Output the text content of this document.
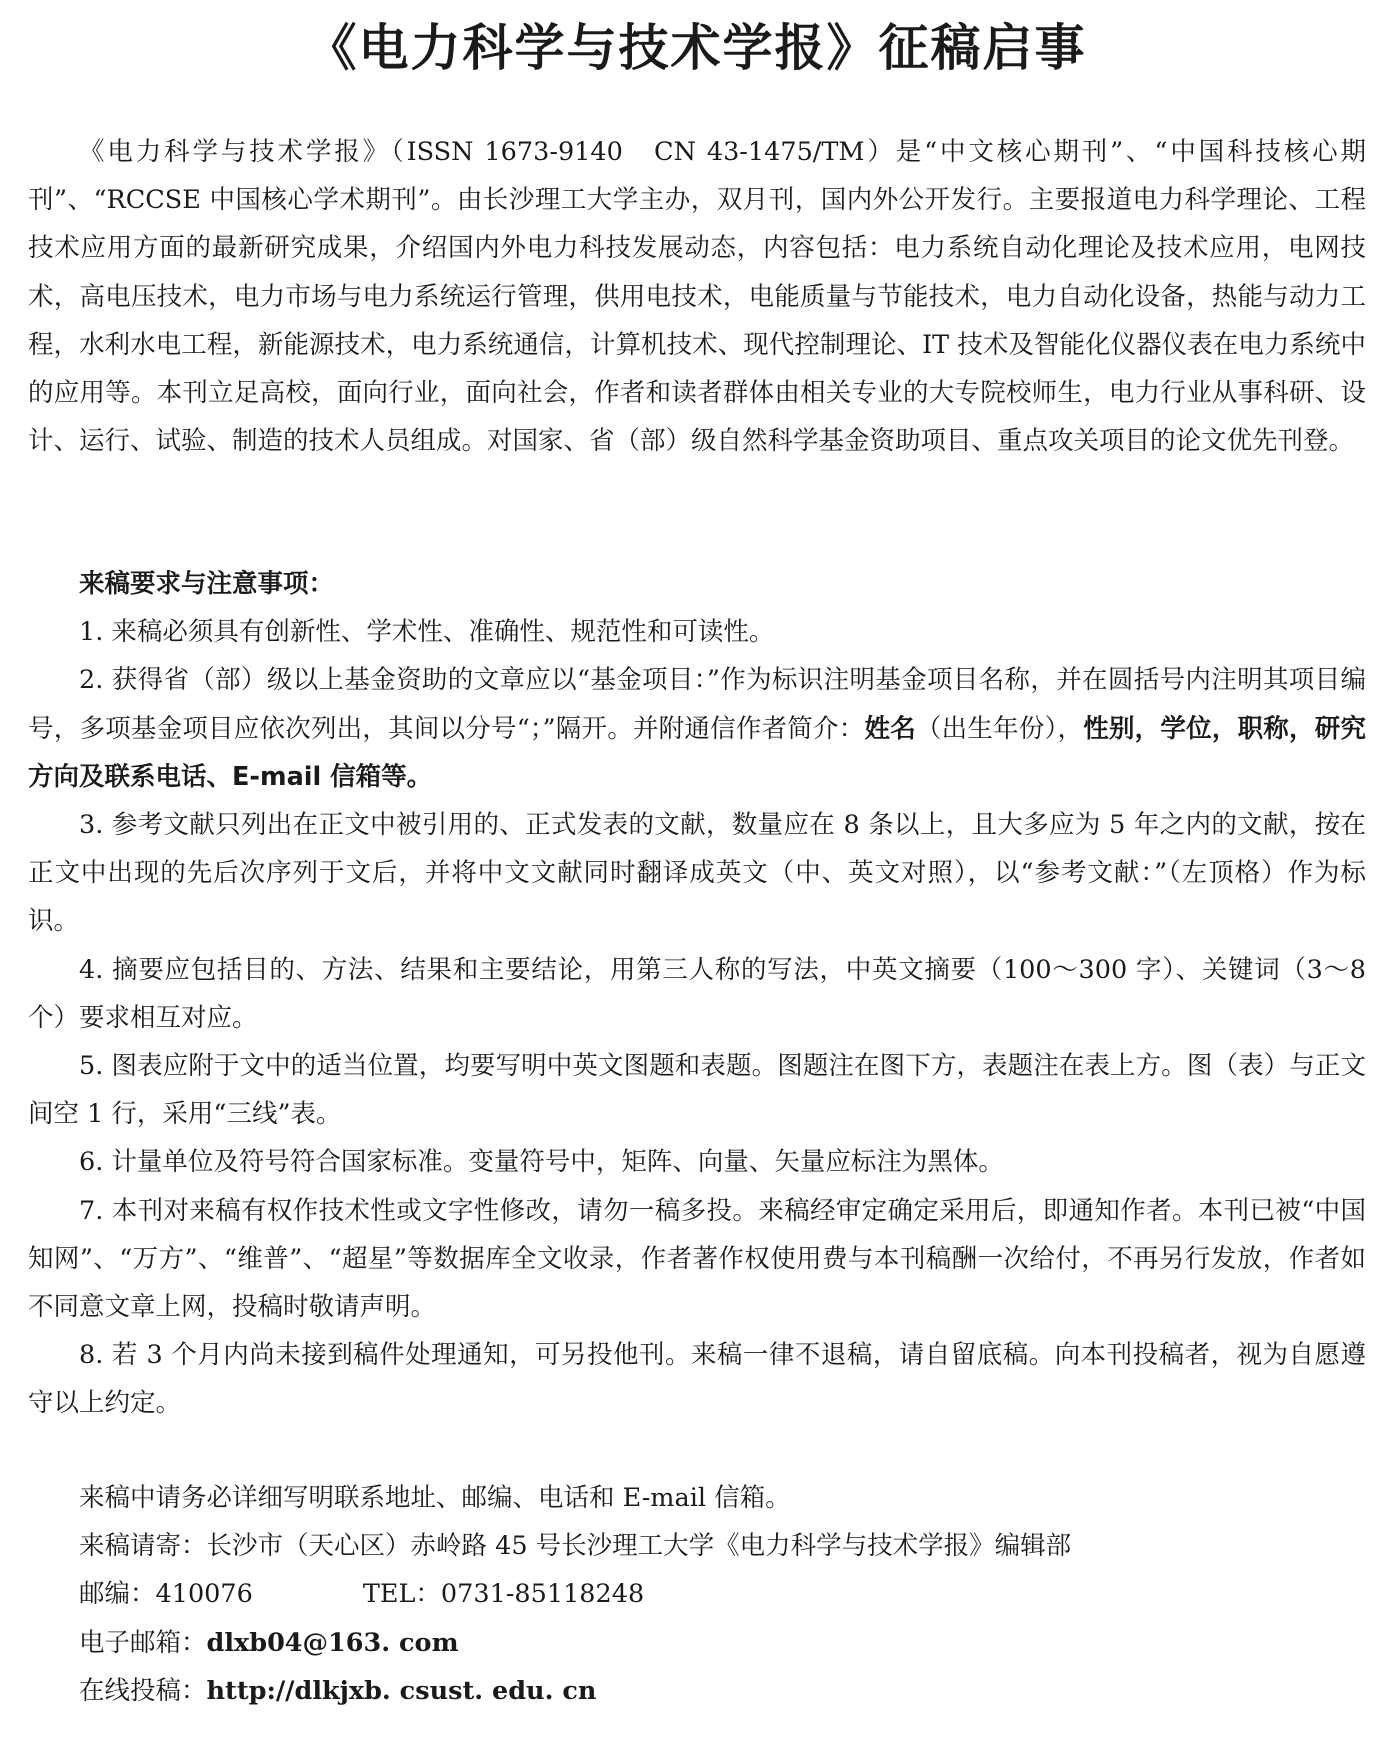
《电力科学与技术学报》征稿启事

《电力科学与技术学报》（ISSN 1673-9140　CN 43-1475/TM）是“中文核心期刊”、“中国科技核心期刊”、“RCCSE 中国核心学术期刊”。由长沙理工大学主办，双月刊，国内外公开发行。主要报道电力科学理论、工程技术应用方面的最新研究成果，介绍国内外电力科技发展动态，内容包括：电力系统自动化理论及技术应用，电网技术，高电压技术，电力市场与电力系统运行管理，供用电技术，电能质量与节能技术，电力自动化设备，热能与动力工程，水利水电工程，新能源技术，电力系统通信，计算机技术、现代控制理论、IT 技术及智能化仪器仪表在电力系统中的应用等。本刊立足高校，面向行业，面向社会，作者和读者群体由相关专业的大专院校师生，电力行业从事科研、设计、运行、试验、制造的技术人员组成。对国家、省（部）级自然科学基金资助项目、重点攻关项目的论文优先刊登。

来稿要求与注意事项：

1. 来稿必须具有创新性、学术性、准确性、规范性和可读性。

2. 获得省（部）级以上基金资助的文章应以“基金项目：”作为标识注明基金项目名称，并在圆括号内注明其项目编号，多项基金项目应依次列出，其间以分号“；”隔开。并附通信作者简介：姓名（出生年份），性别，学位，职称，研究方向及联系电话、E-mail 信箱等。

3. 参考文献只列出在正文中被引用的、正式发表的文献，数量应在 8 条以上，且大多应为 5 年之内的文献，按在正文中出现的先后次序列于文后，并将中文文献同时翻译成英文（中、英文对照），以“参考文献：”（左顶格）作为标识。

4. 摘要应包括目的、方法、结果和主要结论，用第三人称的写法，中英文摘要（100～300 字）、关键词（3～8 个）要求相互对应。

5. 图表应附于文中的适当位置，均要写明中英文图题和表题。图题注在图下方，表题注在表上方。图（表）与正文间空 1 行，采用“三线”表。

6. 计量单位及符号符合国家标准。变量符号中，矩阵、向量、矢量应标注为黑体。

7. 本刊对来稿有权作技术性或文字性修改，请勿一稿多投。来稿经审定确定采用后，即通知作者。本刊已被“中国知网”、“万方”、“维普”、“超星”等数据库全文收录，作者著作权使用费与本刊稿酬一次给付，不再另行发放，作者如不同意文章上网，投稿时敬请声明。

8. 若 3 个月内尚未接到稿件处理通知，可另投他刊。来稿一律不退稿，请自留底稿。向本刊投稿者，视为自愿遵守以上约定。

来稿中请务必详细写明联系地址、邮编、电话和 E-mail 信箱。

来稿请寄：长沙市（天心区）赤岭路 45 号长沙理工大学《电力科学与技术学报》编辑部

邮编：410076	TEL：0731-85118248

电子邮箱：dlxb04@163. com

在线投稿：http://dlkjxb. csust. edu. cn
